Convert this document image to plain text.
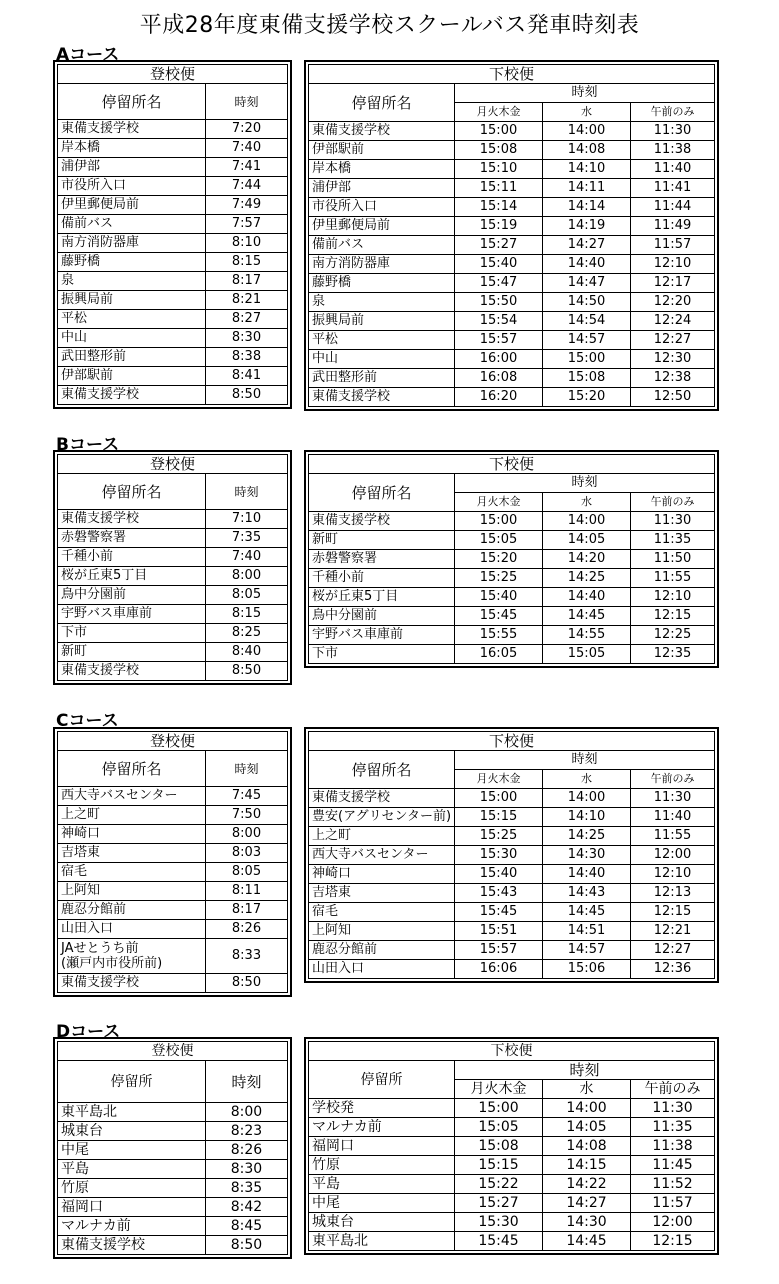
平成28年度東備支援学校スクールバス発車時刻表
Aコース
登校便	
停留所名	時刻
東備支援学校	7:20
岸本橋	7:40
浦伊部	7:41
市役所入口	7:44
伊里郵便局前	7:49
備前バス	7:57
南方消防器庫	8:10
藤野橋	8:15
泉	8:17
振興局前	8:21
平松	8:27
中山	8:30
武田整形前	8:38
伊部駅前	8:41
東備支援学校	8:50
下校便			
停留所名	時刻		
	月火木金	水	午前のみ
東備支援学校	15:00	14:00	11:30
伊部駅前	15:08	14:08	11:38
岸本橋	15:10	14:10	11:40
浦伊部	15:11	14:11	11:41
市役所入口	15:14	14:14	11:44
伊里郵便局前	15:19	14:19	11:49
備前バス	15:27	14:27	11:57
南方消防器庫	15:40	14:40	12:10
藤野橋	15:47	14:47	12:17
泉	15:50	14:50	12:20
振興局前	15:54	14:54	12:24
平松	15:57	14:57	12:27
中山	16:00	15:00	12:30
武田整形前	16:08	15:08	12:38
東備支援学校	16:20	15:20	12:50
Bコース
登校便	
停留所名	時刻
東備支援学校	7:10
赤磐警察署	7:35
千種小前	7:40
桜が丘東5丁目	8:00
鳥中分園前	8:05
宇野バス車庫前	8:15
下市	8:25
新町	8:40
東備支援学校	8:50
下校便			
停留所名	時刻		
	月火木金	水	午前のみ
東備支援学校	15:00	14:00	11:30
新町	15:05	14:05	11:35
赤磐警察署	15:20	14:20	11:50
千種小前	15:25	14:25	11:55
桜が丘東5丁目	15:40	14:40	12:10
鳥中分園前	15:45	14:45	12:15
宇野バス車庫前	15:55	14:55	12:25
下市	16:05	15:05	12:35
Cコース
登校便	
停留所名	時刻
西大寺バスセンター	7:45
上之町	7:50
神崎口	8:00
吉塔東	8:03
宿毛	8:05
上阿知	8:11
鹿忍分館前	8:17
山田入口	8:26

JAせとうち前
(瀬戸内市役所前)	8:33
東備支援学校	8:50
下校便			
停留所名	時刻		
	月火木金	水	午前のみ
東備支援学校	15:00	14:00	11:30
豊安(アグリセンター前)	15:15	14:10	11:40
上之町	15:25	14:25	11:55
西大寺バスセンター	15:30	14:30	12:00
神崎口	15:40	14:40	12:10
吉塔東	15:43	14:43	12:13
宿毛	15:45	14:45	12:15
上阿知	15:51	14:51	12:21
鹿忍分館前	15:57	14:57	12:27
山田入口	16:06	15:06	12:36
Dコース
登校便	
停留所	時刻
東平島北	8:00
城東台	8:23
中尾	8:26
平島	8:30
竹原	8:35
福岡口	8:42
マルナカ前	8:45
東備支援学校	8:50
下校便			
停留所	時刻		
	月火木金	水	午前のみ
学校発	15:00	14:00	11:30
マルナカ前	15:05	14:05	11:35
福岡口	15:08	14:08	11:38
竹原	15:15	14:15	11:45
平島	15:22	14:22	11:52
中尾	15:27	14:27	11:57
城東台	15:30	14:30	12:00
東平島北	15:45	14:45	12:15
